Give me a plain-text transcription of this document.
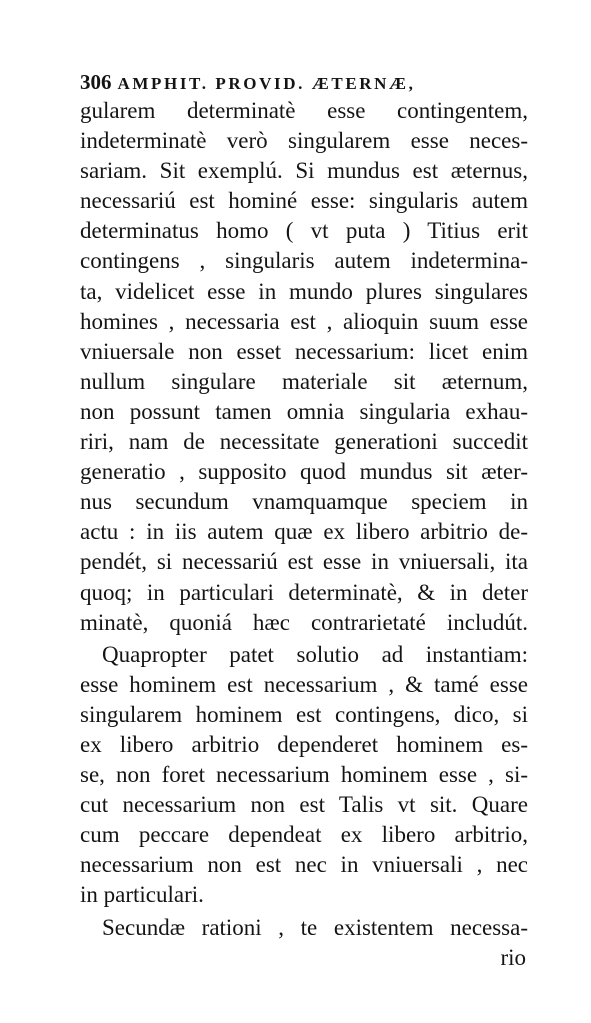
306 AMPHIT. PROVID. ÆTERNÆ,
gularem determinatè esse contingentem,
indeterminatè verò singularem esse neces-
sariam. Sit exemplú. Si mundus est æternus,
necessariú est hominé esse: singularis autem
determinatus homo ( vt puta ) Titius erit
contingens , singularis autem indetermina-
ta, videlicet esse in mundo plures singulares
homines , necessaria est , alioquin suum esse
vniuersale non esset necessarium: licet enim
nullum singulare materiale sit æternum,
non possunt tamen omnia singularia exhau-
riri, nam de necessitate generationi succedit
generatio , supposito quod mundus sit æter-
nus secundum vnamquamque speciem in
actu : in iis autem quæ ex libero arbitrio de-
pendét, si necessariú est esse in vniuersali, ita
quoq; in particulari determinatè, & in deter
minatè, quoniá hæc contrarietaté includút.
Quapropter patet solutio ad instantiam:
esse hominem est necessarium , & tamé esse
singularem hominem est contingens, dico, si
ex libero arbitrio dependeret hominem es-
se, non foret necessarium hominem esse , si-
cut necessarium non est Talis vt sit. Quare
cum peccare dependeat ex libero arbitrio,
necessarium non est nec in vniuersali , nec
in particulari.
Secundæ rationi , te existentem necessa-
rio
